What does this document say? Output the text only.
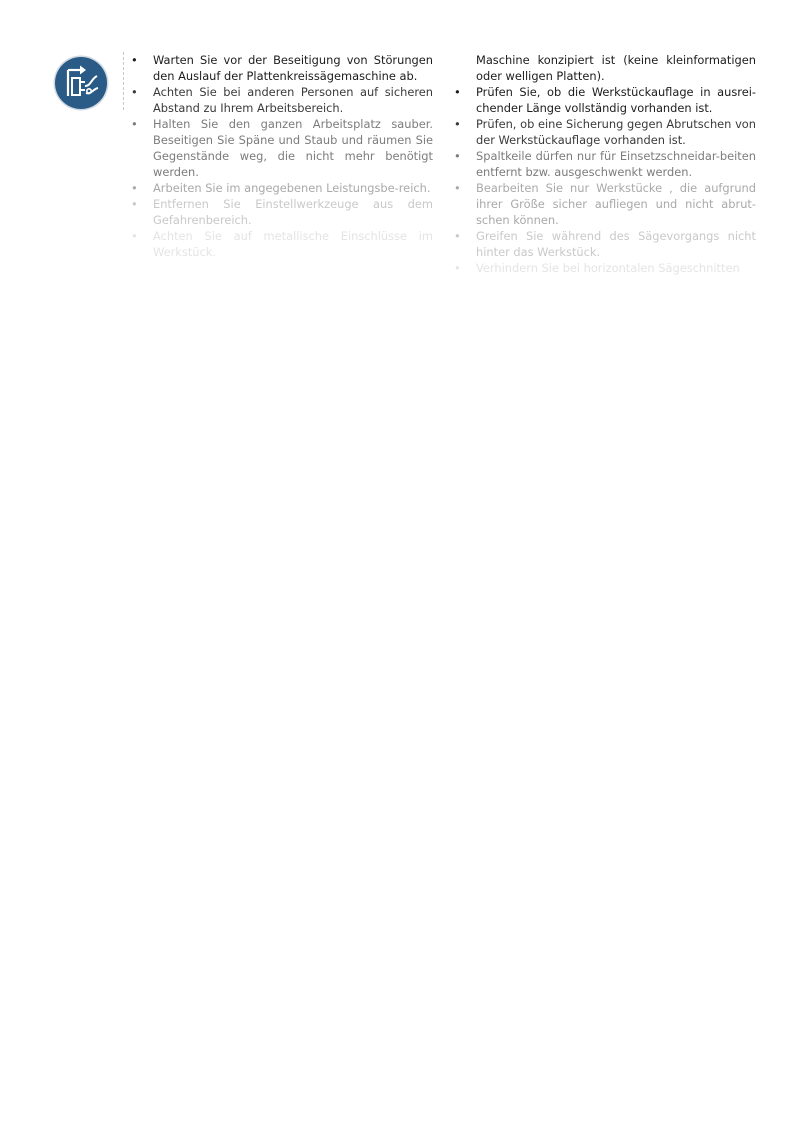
• Warten Sie vor der Beseitigung von Störungen den Auslauf der Plattenkreissägemaschine ab.
• Achten Sie bei anderen Personen auf sicheren Abstand zu Ihrem Arbeitsbereich.
• Halten Sie den ganzen Arbeitsplatz sauber. Beseitigen Sie Späne und Staub und räumen Sie Gegenstände weg, die nicht mehr benötigt werden.
• Arbeiten Sie im angegebenen Leistungsbe-reich.
• Entfernen Sie Einstellwerkzeuge aus dem Gefahrenbereich.
• Achten Sie auf metallische Einschlüsse im Werkstück.
Maschine konzipiert ist (keine kleinformatigen oder welligen Platten).
• Prüfen Sie, ob die Werkstückauflage in ausrei-chender Länge vollständig vorhanden ist.
• Prüfen, ob eine Sicherung gegen Abrutschen von der Werkstückauflage vorhanden ist.
• Spaltkeile dürfen nur für Einsetzschneidar-beiten entfernt bzw. ausgeschwenkt werden.
• Bearbeiten Sie nur Werkstücke , die aufgrund ihrer Größe sicher aufliegen und nicht abrut-schen können.
• Greifen Sie während des Sägevorgangs nicht hinter das Werkstück.
• Verhindern Sie bei horizontalen Sägeschnitten
